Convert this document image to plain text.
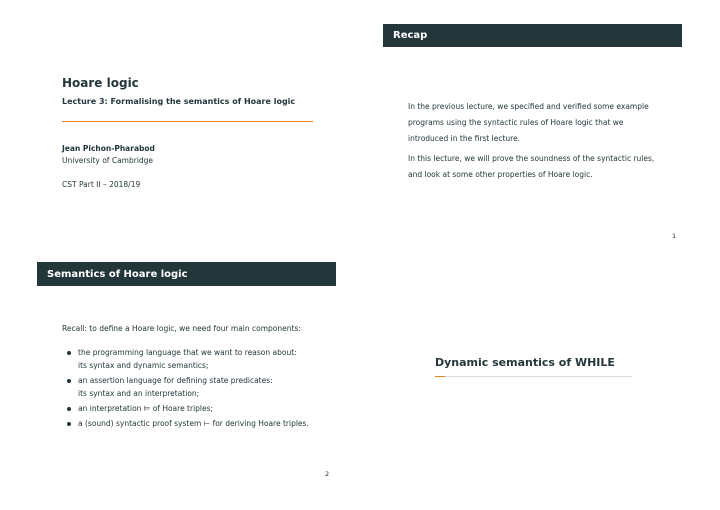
Hoare logic
Lecture 3: Formalising the semantics of Hoare logic
Jean Pichon-Pharabod
University of Cambridge
CST Part II – 2018/19
Recap
In the previous lecture, we specified and verified some example
programs using the syntactic rules of Hoare logic that we
introduced in the first lecture.
In this lecture, we will prove the soundness of the syntactic rules,
and look at some other properties of Hoare logic.
1
Semantics of Hoare logic
Recall: to define a Hoare logic, we need four main components:
the programming language that we want to reason about:
its syntax and dynamic semantics;
an assertion language for defining state predicates:
its syntax and an interpretation;
an interpretation ⊨ of Hoare triples;
a (sound) syntactic proof system ⊢ for deriving Hoare triples.
2
Dynamic semantics of WHILE
